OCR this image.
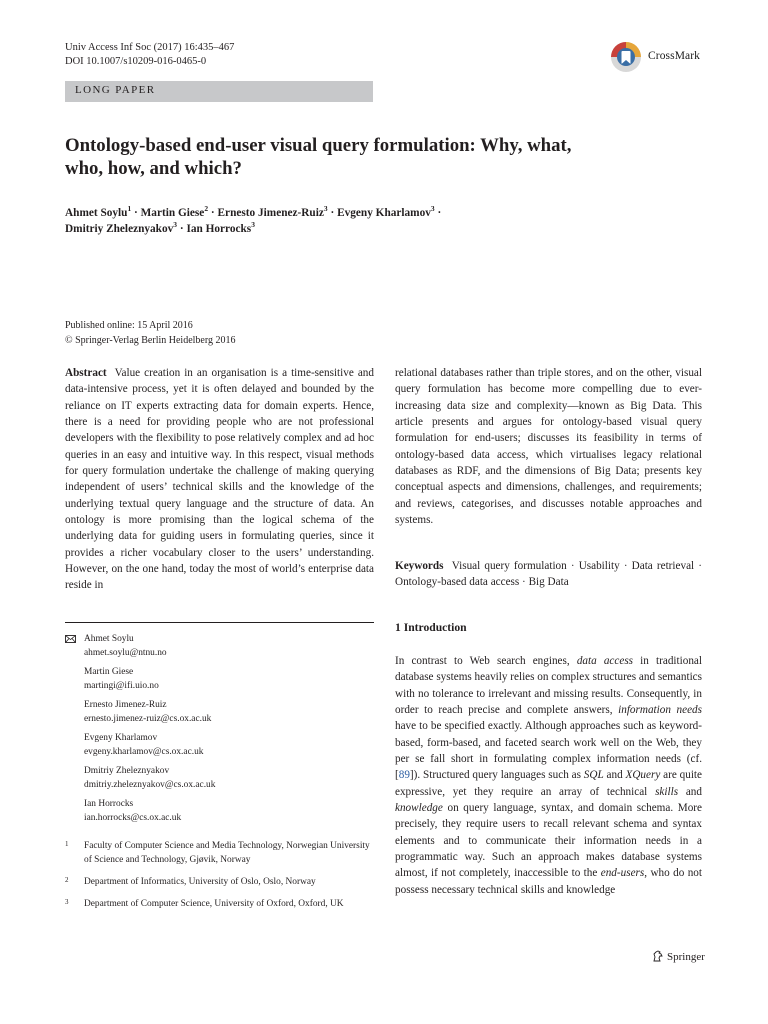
Univ Access Inf Soc (2017) 16:435–467
DOI 10.1007/s10209-016-0465-0	CrossMark
LONG PAPER
Ontology-based end-user visual query formulation: Why, what,
who, how, and which?
Ahmet Soylu$^1$ · Martin Giese$^2$ · Ernesto Jimenez-Ruiz$^3$ · Evgeny Kharlamov$^3$ ·
Dmitriy Zheleznyakov$^3$ · Ian Horrocks$^3$
Published online: 15 April 2016
© Springer-Verlag Berlin Heidelberg 2016
Abstract Value creation in an organisation is a time-sensitive and data-intensive process, yet it is often delayed and bounded by the reliance on IT experts extracting data for domain experts. Hence, there is a need for providing people who are not professional developers with the flexibility to pose relatively complex and ad hoc queries in an easy and intuitive way. In this respect, visual methods for query formulation undertake the challenge of making querying independent of users’ technical skills and the knowledge of the underlying textual query language and the structure of data. An ontology is more promising than the logical schema of the underlying data for guiding users in formulating queries, since it provides a richer vocabulary closer to the users’ understanding. However, on the one hand, today the most of world’s enterprise data reside in
relational databases rather than triple stores, and on the other, visual query formulation has become more compelling due to ever-increasing data size and complexity—known as Big Data. This article presents and argues for ontology-based visual query formulation for end-users; discusses its feasibility in terms of ontology-based data access, which virtualises legacy relational databases as RDF, and the dimensions of Big Data; presents key conceptual aspects and dimensions, challenges, and requirements; and reviews, categorises, and discusses notable approaches and systems.
Keywords Visual query formulation · Usability · Data retrieval · Ontology-based data access · Big Data
Ahmet Soylu
ahmet.soylu@ntnu.no
Martin Giese
martingi@ifi.uio.no
Ernesto Jimenez-Ruiz
ernesto.jimenez-ruiz@cs.ox.ac.uk
Evgeny Kharlamov
evgeny.kharlamov@cs.ox.ac.uk
Dmitriy Zheleznyakov
dmitriy.zheleznyakov@cs.ox.ac.uk
Ian Horrocks
ian.horrocks@cs.ox.ac.uk
1 Faculty of Computer Science and Media Technology, Norwegian University of Science and Technology, Gjøvik, Norway
2 Department of Informatics, University of Oslo, Oslo, Norway
3 Department of Computer Science, University of Oxford, Oxford, UK
1 Introduction
In contrast to Web search engines, data access in traditional database systems heavily relies on complex structures and semantics with no tolerance to irrelevant and missing results. Consequently, in order to reach precise and complete answers, information needs have to be specified exactly. Although approaches such as keyword-based, form-based, and faceted search work well on the Web, they per se fall short in formulating complex information needs (cf. [89]). Structured query languages such as SQL and XQuery are quite expressive, yet they require an array of technical skills and knowledge on query language, syntax, and domain schema. More precisely, they require users to recall relevant schema and syntax elements and to communicate their information needs in a programmatic way. Such an approach makes database systems almost, if not completely, inaccessible to the end-users, who do not possess necessary technical skills and knowledge
Springer
